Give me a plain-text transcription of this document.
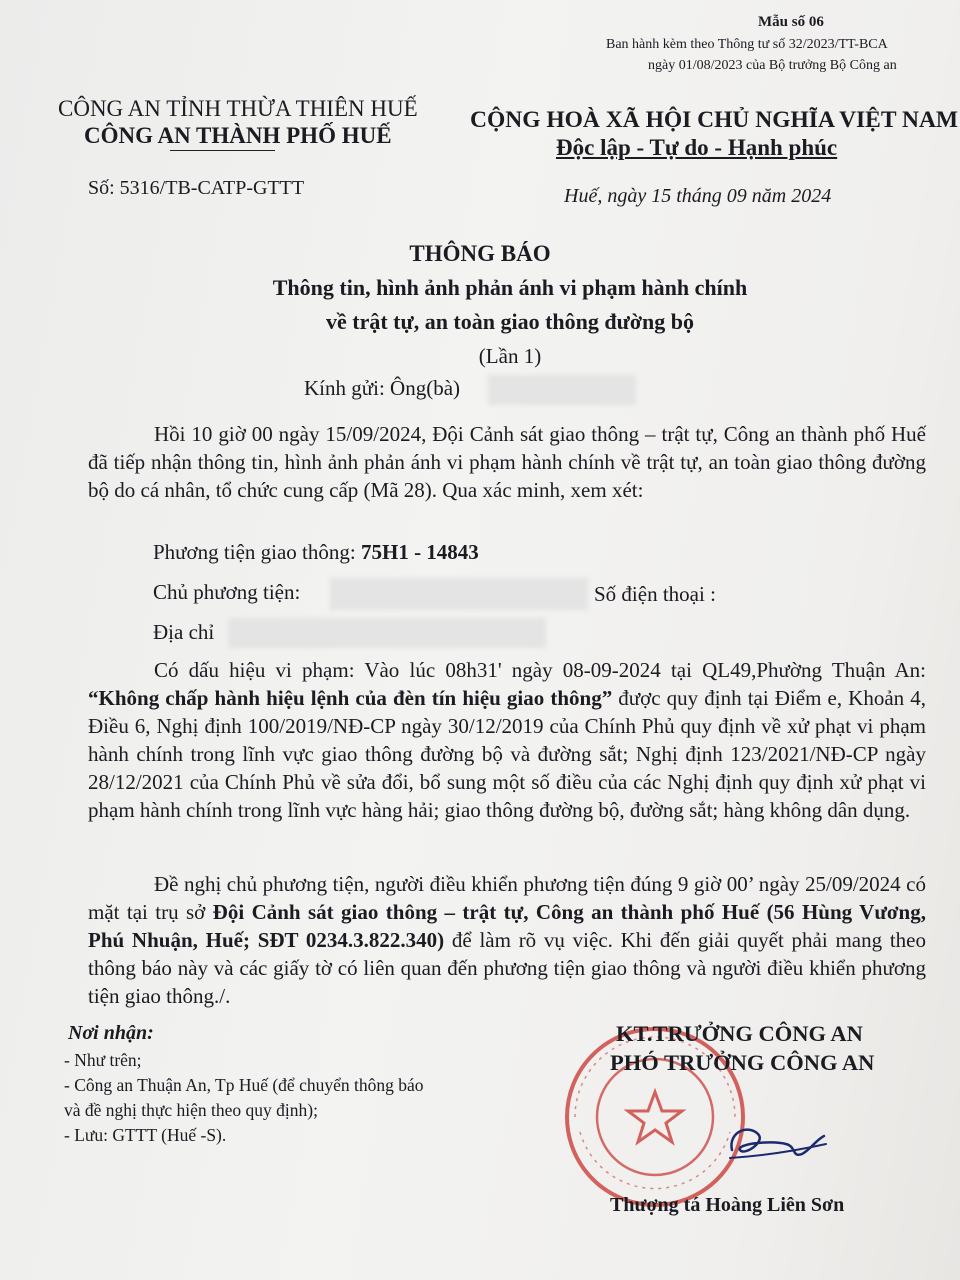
Mẫu số 06
Ban hành kèm theo Thông tư số 32/2023/TT-BCA
ngày 01/08/2023 của Bộ trưởng Bộ Công an
CÔNG AN TỈNH THỪA THIÊN HUẾ
CÔNG AN THÀNH PHỐ HUẾ
CỘNG HOÀ XÃ HỘI CHỦ NGHĨA VIỆT NAM
Độc lập - Tự do - Hạnh phúc
Số: 5316/TB-CATP-GTTT	Huế, ngày 15 tháng 09 năm 2024
THÔNG BÁO
Thông tin, hình ảnh phản ánh vi phạm hành chính
về trật tự, an toàn giao thông đường bộ
(Lần 1)
Kính gửi: Ông(bà)
Hồi 10 giờ 00 ngày 15/09/2024, Đội Cảnh sát giao thông – trật tự, Công an thành phố Huế đã tiếp nhận thông tin, hình ảnh phản ánh vi phạm hành chính về trật tự, an toàn giao thông đường bộ do cá nhân, tổ chức cung cấp (Mã 28). Qua xác minh, xem xét:
Phương tiện giao thông: 75H1 - 14843
Chủ phương tiện:	Số điện thoại :
Địa chỉ
Có dấu hiệu vi phạm: Vào lúc 08h31' ngày 08-09-2024 tại QL49,Phường Thuận An: “Không chấp hành hiệu lệnh của đèn tín hiệu giao thông” được quy định tại Điểm e, Khoản 4, Điều 6, Nghị định 100/2019/NĐ-CP ngày 30/12/2019 của Chính Phủ quy định về xử phạt vi phạm hành chính trong lĩnh vực giao thông đường bộ và đường sắt; Nghị định 123/2021/NĐ-CP ngày 28/12/2021 của Chính Phủ về sửa đổi, bổ sung một số điều của các Nghị định quy định xử phạt vi phạm hành chính trong lĩnh vực hàng hải; giao thông đường bộ, đường sắt; hàng không dân dụng.
Đề nghị chủ phương tiện, người điều khiển phương tiện đúng 9 giờ 00’ ngày 25/09/2024 có mặt tại trụ sở Đội Cảnh sát giao thông – trật tự, Công an thành phố Huế (56 Hùng Vương, Phú Nhuận, Huế; SĐT 0234.3.822.340) để làm rõ vụ việc. Khi đến giải quyết phải mang theo thông báo này và các giấy tờ có liên quan đến phương tiện giao thông và người điều khiển phương tiện giao thông./.
Nơi nhận:
- Như trên;
- Công an Thuận An, Tp Huế (để chuyển thông báo
và đề nghị thực hiện theo quy định);
- Lưu: GTTT (Huế -S).
KT.TRƯỞNG CÔNG AN
PHÓ TRƯỞNG CÔNG AN
Thượng tá Hoàng Liên Sơn
